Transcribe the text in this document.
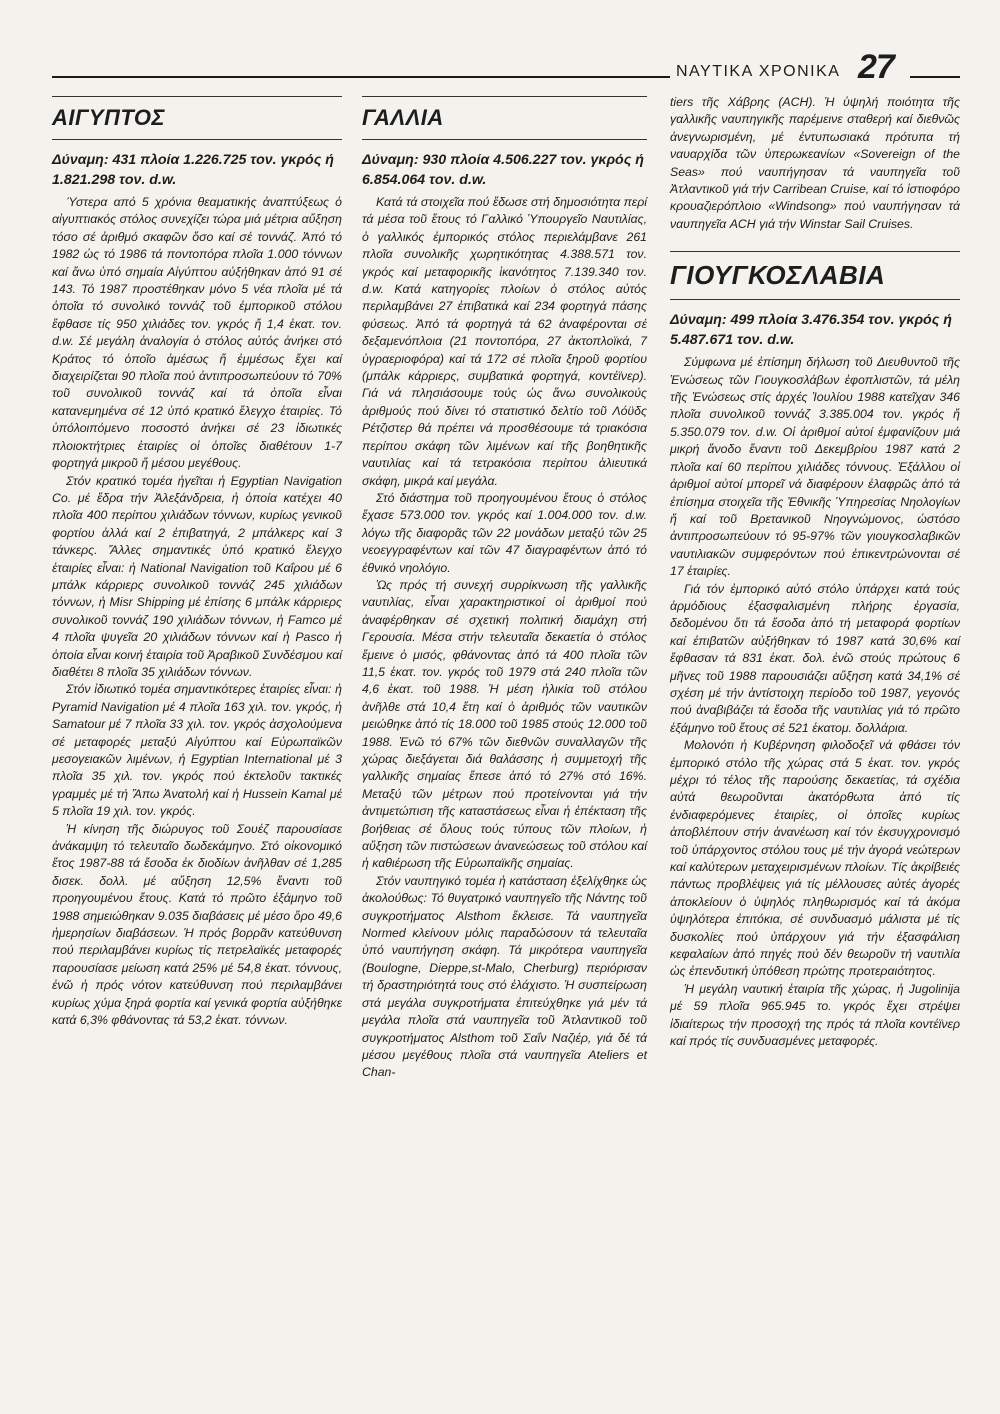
ΝΑΥΤΙΚΑ ΧΡΟΝΙΚΑ 27
ΑΙΓΥΠΤΟΣ

Δύναμη: 431 πλοία 1.226.725 τον. γκρός ή 1.821.298 τον. d.w.

Ύστερα από 5 χρόνια θεαματικής ἀναπτύξεως ὁ αἰγυπτιακός στόλος συνεχίζει τώρα μιά μέτρια αὔξηση τόσο σέ ἀριθμό σκαφῶν ὅσο καί σέ τοννάζ. Ἀπό τό 1982 ὡς τό 1986 τά ποντοπόρα πλοῖα 1.000 τόννων καί ἄνω ὑπό σημαία Αἰγύπτου αὐξήθηκαν ἀπό 91 σέ 143. Τό 1987 προστέθηκαν μόνο 5 νέα πλοῖα μέ τά ὁποῖα τό συνολικό τοννάζ τοῦ ἐμπορικοῦ στόλου ἔφθασε τίς 950 χιλιάδες τον. γκρός ἤ 1,4 ἑκατ. τον. d.w. Σέ μεγάλη ἀναλογία ὁ στόλος αὐτός ἀνήκει στό Κράτος τό ὁποῖο ἀμέσως ἤ ἐμμέσως ἔχει καί διαχειρίζεται 90 πλοῖα πού ἀντιπροσωπεύουν τό 70% τοῦ συνολικοῦ τοννάζ καί τά ὁποῖα εἶναι κατανεμημένα σέ 12 ὑπό κρατικό ἔλεγχο ἑταιρίες. Τό ὑπόλοιπόμενο ποσοστό ἀνήκει σέ 23 ἰδιωτικές πλοιοκτήτριες ἑταιρίες οἱ ὁποῖες διαθέτουν 1-7 φορτηγά μικροῦ ἤ μέσου μεγέθους.

Στόν κρατικό τομέα ἡγεῖται ἡ Egyptian Navigation Co. μέ ἕδρα τήν Ἀλεξάνδρεια, ἡ ὁποία κατέχει 40 πλοῖα 400 περίπου χιλιάδων τόννων, κυρίως γενικοῦ φορτίου ἀλλά καί 2 ἐπιβατηγά, 2 μπάλκερς καί 3 τάνκερς. Ἄλλες σημαντικές ὑπό κρατικό ἔλεγχο ἑταιρίες εἶναι: ἡ National Navigation τοῦ Καΐρου μέ 6 μπάλκ κάρριερς συνολικοῦ τοννάζ 245 χιλιάδων τόννων, ἡ Misr Shipping μέ ἐπίσης 6 μπάλκ κάρριερς συνολικοῦ τοννάζ 190 χιλιάδων τόννων, ἡ Famco μέ 4 πλοῖα ψυγεῖα 20 χιλιάδων τόννων καί ἡ Pasco ἡ ὁποία εἶναι κοινή ἑταιρία τοῦ Ἀραβικοῦ Συνδέσμου καί διαθέτει 8 πλοῖα 35 χιλιάδων τόννων.

Στόν ἰδιωτικό τομέα σημαντικότερες ἑταιρίες εἶναι: ἡ Pyramid Navigation μέ 4 πλοῖα 163 χιλ. τον. γκρός, ἡ Samatour μέ 7 πλοῖα 33 χιλ. τον. γκρός ἀσχολούμενα σέ μεταφορές μεταξύ Αἰγύπτου καί Εὐρωπαϊκῶν μεσογειακῶν λιμένων, ἡ Egyptian International μέ 3 πλοῖα 35 χιλ. τον. γκρός πού ἐκτελοῦν τακτικές γραμμές μέ τή Ἄπω Ἀνατολή καί ἡ Hussein Kamal μέ 5 πλοῖα 19 χιλ. τον. γκρός.

Ἡ κίνηση τῆς διώρυγος τοῦ Σουέζ παρουσίασε ἀνάκαμψη τό τελευταῖο δωδεκάμηνο. Στό οἰκονομικό ἔτος 1987-88 τά ἔσοδα ἐκ διοδίων ἀνῆλθαν σέ 1,285 δισεκ. δολλ. μέ αὔξηση 12,5% ἔναντι τοῦ προηγουμένου ἔτους. Κατά τό πρῶτο ἑξάμηνο τοῦ 1988 σημειώθηκαν 9.035 διαβάσεις μέ μέσο ὅρο 49,6 ἡμερησίων διαβάσεων. Ἡ πρός βορρᾶν κατεύθυνση πού περιλαμβάνει κυρίως τίς πετρελαϊκές μεταφορές παρουσίασε μείωση κατά 25% μέ 54,8 ἑκατ. τόννους, ἐνῶ ἡ πρός νότον κατεύθυνση πού περιλαμβάνει κυρίως χύμα ξηρά φορτία καί γενικά φορτία αὐξήθηκε κατά 6,3% φθάνοντας τά 53,2 ἑκατ. τόννων.

ΓΑΛΛΙΑ

Δύναμη: 930 πλοία 4.506.227 τον. γκρός ή 6.854.064 τον. d.w.

Κατά τά στοιχεῖα πού ἔδωσε στή δημοσιότητα περί τά μέσα τοῦ ἔτους τό Γαλλικό Ὑπουργεῖο Ναυτιλίας, ὁ γαλλικός ἐμπορικός στόλος περιελάμβανε 261 πλοῖα συνολικῆς χωρητικότητας 4.388.571 τον. γκρός καί μεταφορικῆς ἱκανότητος 7.139.340 τον. d.w. Κατά κατηγορίες πλοίων ὁ στόλος αὐτός περιλαμβάνει 27 ἐπιβατικά καί 234 φορτηγά πάσης φύσεως. Ἀπό τά φορτηγά τά 62 ἀναφέρονται σέ δεξαμενόπλοια (21 ποντοπόρα, 27 ἀκτοπλοϊκά, 7 ὑγραεριοφόρα) καί τά 172 σέ πλοῖα ξηροῦ φορτίου (μπάλκ κάρριερς, συμβατικά φορτηγά, κοντέϊνερ). Γιά νά πλησιάσουμε τούς ὡς ἄνω συνολικούς ἀριθμούς πού δίνει τό στατιστικό δελτίο τοῦ Λόϋδς Ρέτζιστερ θά πρέπει νά προσθέσουμε τά τριακόσια περίπου σκάφη τῶν λιμένων καί τῆς βοηθητικῆς ναυτιλίας καί τά τετρακόσια περίπου ἁλιευτικά σκάφη, μικρά καί μεγάλα.

Στό διάστημα τοῦ προηγουμένου ἔτους ὁ στόλος ἔχασε 573.000 τον. γκρός καί 1.004.000 τον. d.w. λόγω τῆς διαφορᾶς τῶν 22 μονάδων μεταξύ τῶν 25 νεοεγγραφέντων καί τῶν 47 διαγραφέντων ἀπό τό ἐθνικό νηολόγιο.

Ὡς πρός τή συνεχή συρρίκνωση τῆς γαλλικῆς ναυτιλίας, εἶναι χαρακτηριστικοί οἱ ἀριθμοί πού ἀναφέρθηκαν σέ σχετική πολιτική διαμάχη στή Γερουσία. Μέσα στήν τελευταῖα δεκαετία ὁ στόλος ἔμεινε ὁ μισός, φθάνοντας ἀπό τά 400 πλοῖα τῶν 11,5 ἑκατ. τον. γκρός τοῦ 1979 στά 240 πλοῖα τῶν 4,6 ἑκατ. τοῦ 1988. Ἡ μέση ἡλικία τοῦ στόλου ἀνῆλθε στά 10,4 ἔτη καί ὁ ἀριθμός τῶν ναυτικῶν μειώθηκε ἀπό τίς 18.000 τοῦ 1985 στούς 12.000 τοῦ 1988. Ἐνῶ τό 67% τῶν διεθνῶν συναλλαγῶν τῆς χώρας διεξάγεται διά θαλάσσης ἡ συμμετοχή τῆς γαλλικῆς σημαίας ἔπεσε ἀπό τό 27% στό 16%. Μεταξύ τῶν μέτρων πού προτείνονται γιά τήν ἀντιμετώπιση τῆς καταστάσεως εἶναι ἡ ἐπέκταση τῆς βοήθειας σέ ὅλους τούς τύπους τῶν πλοίων, ἡ αὔξηση τῶν πιστώσεων ἀνανεώσεως τοῦ στόλου καί ἡ καθιέρωση τῆς Εὐρωπαϊκῆς σημαίας.

Στόν ναυπηγικό τομέα ἡ κατάσταση ἐξελίχθηκε ὡς ἀκολούθως: Τό θυγατρικό ναυπηγεῖο τῆς Νάντης τοῦ συγκροτήματος Alsthom ἔκλεισε. Τά ναυπηγεῖα Normed κλείνουν μόλις παραδώσουν τά τελευταῖα ὑπό ναυπήγηση σκάφη. Τά μικρότερα ναυπηγεῖα (Boulogne, Dieppe,st-Malo, Cherburg) περιόρισαν τή δραστηριότητά τους στό ἐλάχιστο. Ἡ συσπείρωση στά μεγάλα συγκροτήματα ἐπιτεύχθηκε γιά μέν τά μεγάλα πλοῖα στά ναυπηγεῖα τοῦ Ἀτλαντικοῦ τοῦ συγκροτήματος Alsthom τοῦ Σαΐν Ναζιέρ, γιά δέ τά μέσου μεγέθους πλοῖα στά ναυπηγεῖα Ateliers et Chan-

tiers τῆς Χάβρης (ACH). Ἡ ὑψηλή ποιότητα τῆς γαλλικῆς ναυπηγικῆς παρέμεινε σταθερή καί διεθνῶς ἀνεγνωρισμένη, μέ ἐντυπωσιακά πρότυπα τή ναυαρχίδα τῶν ὑπερωκεανίων «Sovereign of the Seas» πού ναυπήγησαν τά ναυπηγεῖα τοῦ Ἀτλαντικοῦ γιά τήν Carribean Cruise, καί τό ἱστιοφόρο κρουαζιερόπλοιο «Windsong» πού ναυπήγησαν τά ναυπηγεῖα ACH γιά τήν Winstar Sail Cruises.

ΓΙΟΥΓΚΟΣΛΑΒΙΑ

Δύναμη: 499 πλοία 3.476.354 τον. γκρός ή 5.487.671 τον. d.w.

Σύμφωνα μέ ἐπίσημη δήλωση τοῦ Διευθυντοῦ τῆς Ἑνώσεως τῶν Γιουγκοσλάβων ἐφοπλιστῶν, τά μέλη τῆς Ἑνώσεως στίς ἀρχές Ἰουλίου 1988 κατεῖχαν 346 πλοῖα συνολικοῦ τοννάζ 3.385.004 τον. γκρός ἤ 5.350.079 τον. d.w. Οἱ ἀριθμοί αὐτοί ἐμφανίζουν μιά μικρή ἄνοδο ἔναντι τοῦ Δεκεμβρίου 1987 κατά 2 πλοῖα καί 60 περίπου χιλιάδες τόννους. Ἐξάλλου οἱ ἀριθμοί αὐτοί μπορεῖ νά διαφέρουν ἐλαφρῶς ἀπό τά ἐπίσημα στοιχεῖα τῆς Ἐθνικῆς Ὑπηρεσίας Νηολογίων ἤ καί τοῦ Βρετανικοῦ Νηογνώμονος, ὡστόσο ἀντιπροσωπεύουν τό 95-97% τῶν γιουγκοσλαβικῶν ναυτιλιακῶν συμφερόντων πού ἐπικεντρώνονται σέ 17 ἑταιρίες.

Γιά τόν ἐμπορικό αὐτό στόλο ὑπάρχει κατά τούς ἁρμόδιους ἐξασφαλισμένη πλήρης ἐργασία, δεδομένου ὅτι τά ἔσοδα ἀπό τή μεταφορά φορτίων καί ἐπιβατῶν αὐξήθηκαν τό 1987 κατά 30,6% καί ἔφθασαν τά 831 ἑκατ. δολ. ἐνῶ στούς πρώτους 6 μῆνες τοῦ 1988 παρουσιάζει αὔξηση κατά 34,1% σέ σχέση μέ τήν ἀντίστοιχη περίοδο τοῦ 1987, γεγονός πού ἀναβιβάζει τά ἔσοδα τῆς ναυτιλίας γιά τό πρῶτο ἑξάμηνο τοῦ ἔτους σέ 521 ἑκατομ. δολλάρια.

Μολονότι ἡ Κυβέρνηση φιλοδοξεῖ νά φθάσει τόν ἐμπορικό στόλο τῆς χώρας στά 5 ἑκατ. τον. γκρός μέχρι τό τέλος τῆς παρούσης δεκαετίας, τά σχέδια αὐτά θεωροῦνται ἀκατόρθωτα ἀπό τίς ἐνδιαφερόμενες ἑταιρίες, οἱ ὁποῖες κυρίως ἀποβλέπουν στήν ἀνανέωση καί τόν ἐκσυγχρονισμό τοῦ ὑπάρχοντος στόλου τους μέ τήν ἀγορά νεώτερων καί καλύτερων μεταχειρισμένων πλοίων. Τίς ἀκρίβειές πάντως προβλέψεις γιά τίς μέλλουσες αὐτές ἀγορές ἀποκλείουν ὁ ὑψηλός πληθωρισμός καί τά ἀκόμα ὑψηλότερα ἐπιτόκια, σέ συνδυασμό μάλιστα μέ τίς δυσκολίες πού ὑπάρχουν γιά τήν ἐξασφάλιση κεφαλαίων ἀπό πηγές πού δέν θεωροῦν τή ναυτιλία ὡς ἐπενδυτική ὑπόθεση πρώτης προτεραιότητος.

Ἡ μεγάλη ναυτική ἑταιρία τῆς χώρας, ἡ Jugolinija μέ 59 πλοῖα 965.945 το. γκρός ἔχει στρέψει ἰδιαίτερως τήν προσοχή της πρός τά πλοῖα κοντέϊνερ καί πρός τίς συνδυασμένες μεταφορές.
